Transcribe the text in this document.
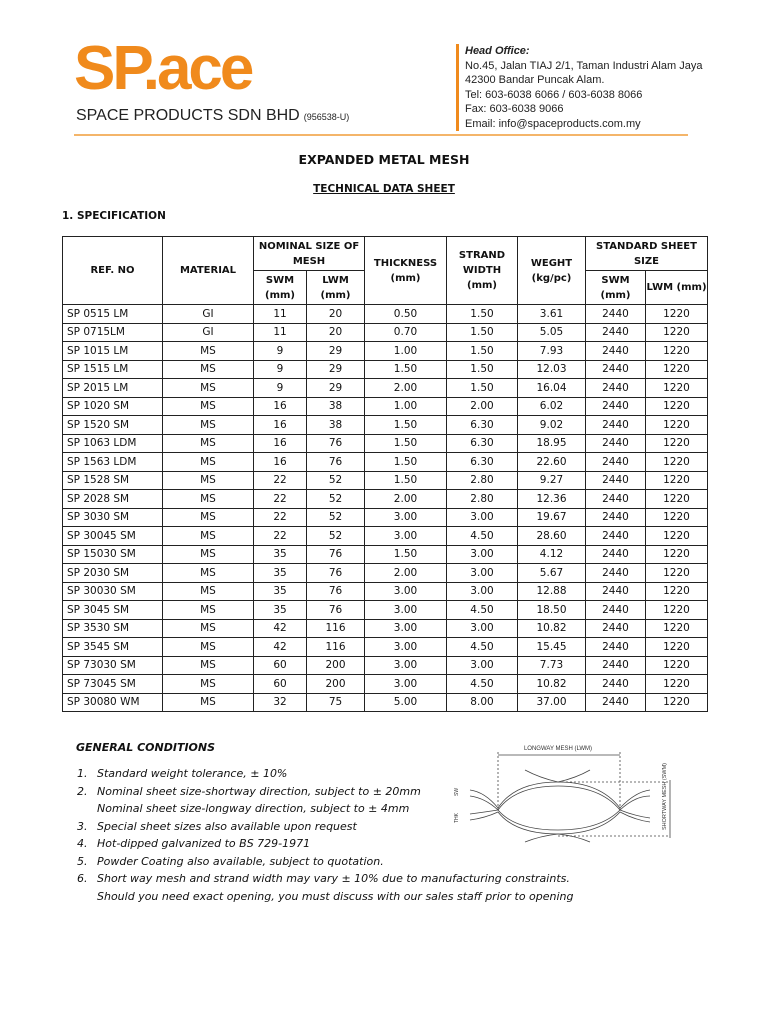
SP.ace
SPACE PRODUCTS SDN BHD (956538-U)
Head Office:
No.45, Jalan TIAJ 2/1, Taman Industri Alam Jaya
42300 Bandar Puncak Alam.
Tel: 603-6038 6066 / 603-6038 8066
Fax: 603-6038 9066
Email: info@spaceproducts.com.my
EXPANDED METAL MESH
TECHNICAL DATA SHEET
1. SPECIFICATION
REF. NO	MATERIAL	NOMINAL SIZE OF MESH		THICKNESS (mm)	STRAND WIDTH (mm)	WEGHT (kg/pc)	STANDARD SHEET SIZE	
		SWM (mm)	LWM (mm)				SWM (mm)	LWM (mm)
SP 0515 LM	GI	11	20	0.50	1.50	3.61	2440	1220
SP 0715LM	GI	11	20	0.70	1.50	5.05	2440	1220
SP 1015 LM	MS	9	29	1.00	1.50	7.93	2440	1220
SP 1515 LM	MS	9	29	1.50	1.50	12.03	2440	1220
SP 2015 LM	MS	9	29	2.00	1.50	16.04	2440	1220
SP 1020 SM	MS	16	38	1.00	2.00	6.02	2440	1220
SP 1520 SM	MS	16	38	1.50	6.30	9.02	2440	1220
SP 1063 LDM	MS	16	76	1.50	6.30	18.95	2440	1220
SP 1563 LDM	MS	16	76	1.50	6.30	22.60	2440	1220
SP 1528 SM	MS	22	52	1.50	2.80	9.27	2440	1220
SP 2028 SM	MS	22	52	2.00	2.80	12.36	2440	1220
SP 3030 SM	MS	22	52	3.00	3.00	19.67	2440	1220
SP 30045 SM	MS	22	52	3.00	4.50	28.60	2440	1220
SP 15030 SM	MS	35	76	1.50	3.00	4.12	2440	1220
SP 2030 SM	MS	35	76	2.00	3.00	5.67	2440	1220
SP 30030 SM	MS	35	76	3.00	3.00	12.88	2440	1220
SP 3045 SM	MS	35	76	3.00	4.50	18.50	2440	1220
SP 3530 SM	MS	42	116	3.00	3.00	10.82	2440	1220
SP 3545 SM	MS	42	116	3.00	4.50	15.45	2440	1220
SP 73030 SM	MS	60	200	3.00	3.00	7.73	2440	1220
SP 73045 SM	MS	60	200	3.00	4.50	10.82	2440	1220
SP 30080 WM	MS	32	75	5.00	8.00	37.00	2440	1220
GENERAL CONDITIONS
1. Standard weight tolerance, ± 10%
2. Nominal sheet size-shortway direction, subject to ± 20mm
Nominal sheet size-longway direction, subject to ± 4mm
3. Special sheet sizes also available upon request
4. Hot-dipped galvanized to BS 729-1971
5. Powder Coating also available, subject to quotation.
6. Short way mesh and strand width may vary ± 10% due to manufacturing constraints.
Should you need exact opening, you must discuss with our sales staff prior to opening
LONGWAY MESH (LWM)
SHORTWAY MESH (SWM)
SW
THK
